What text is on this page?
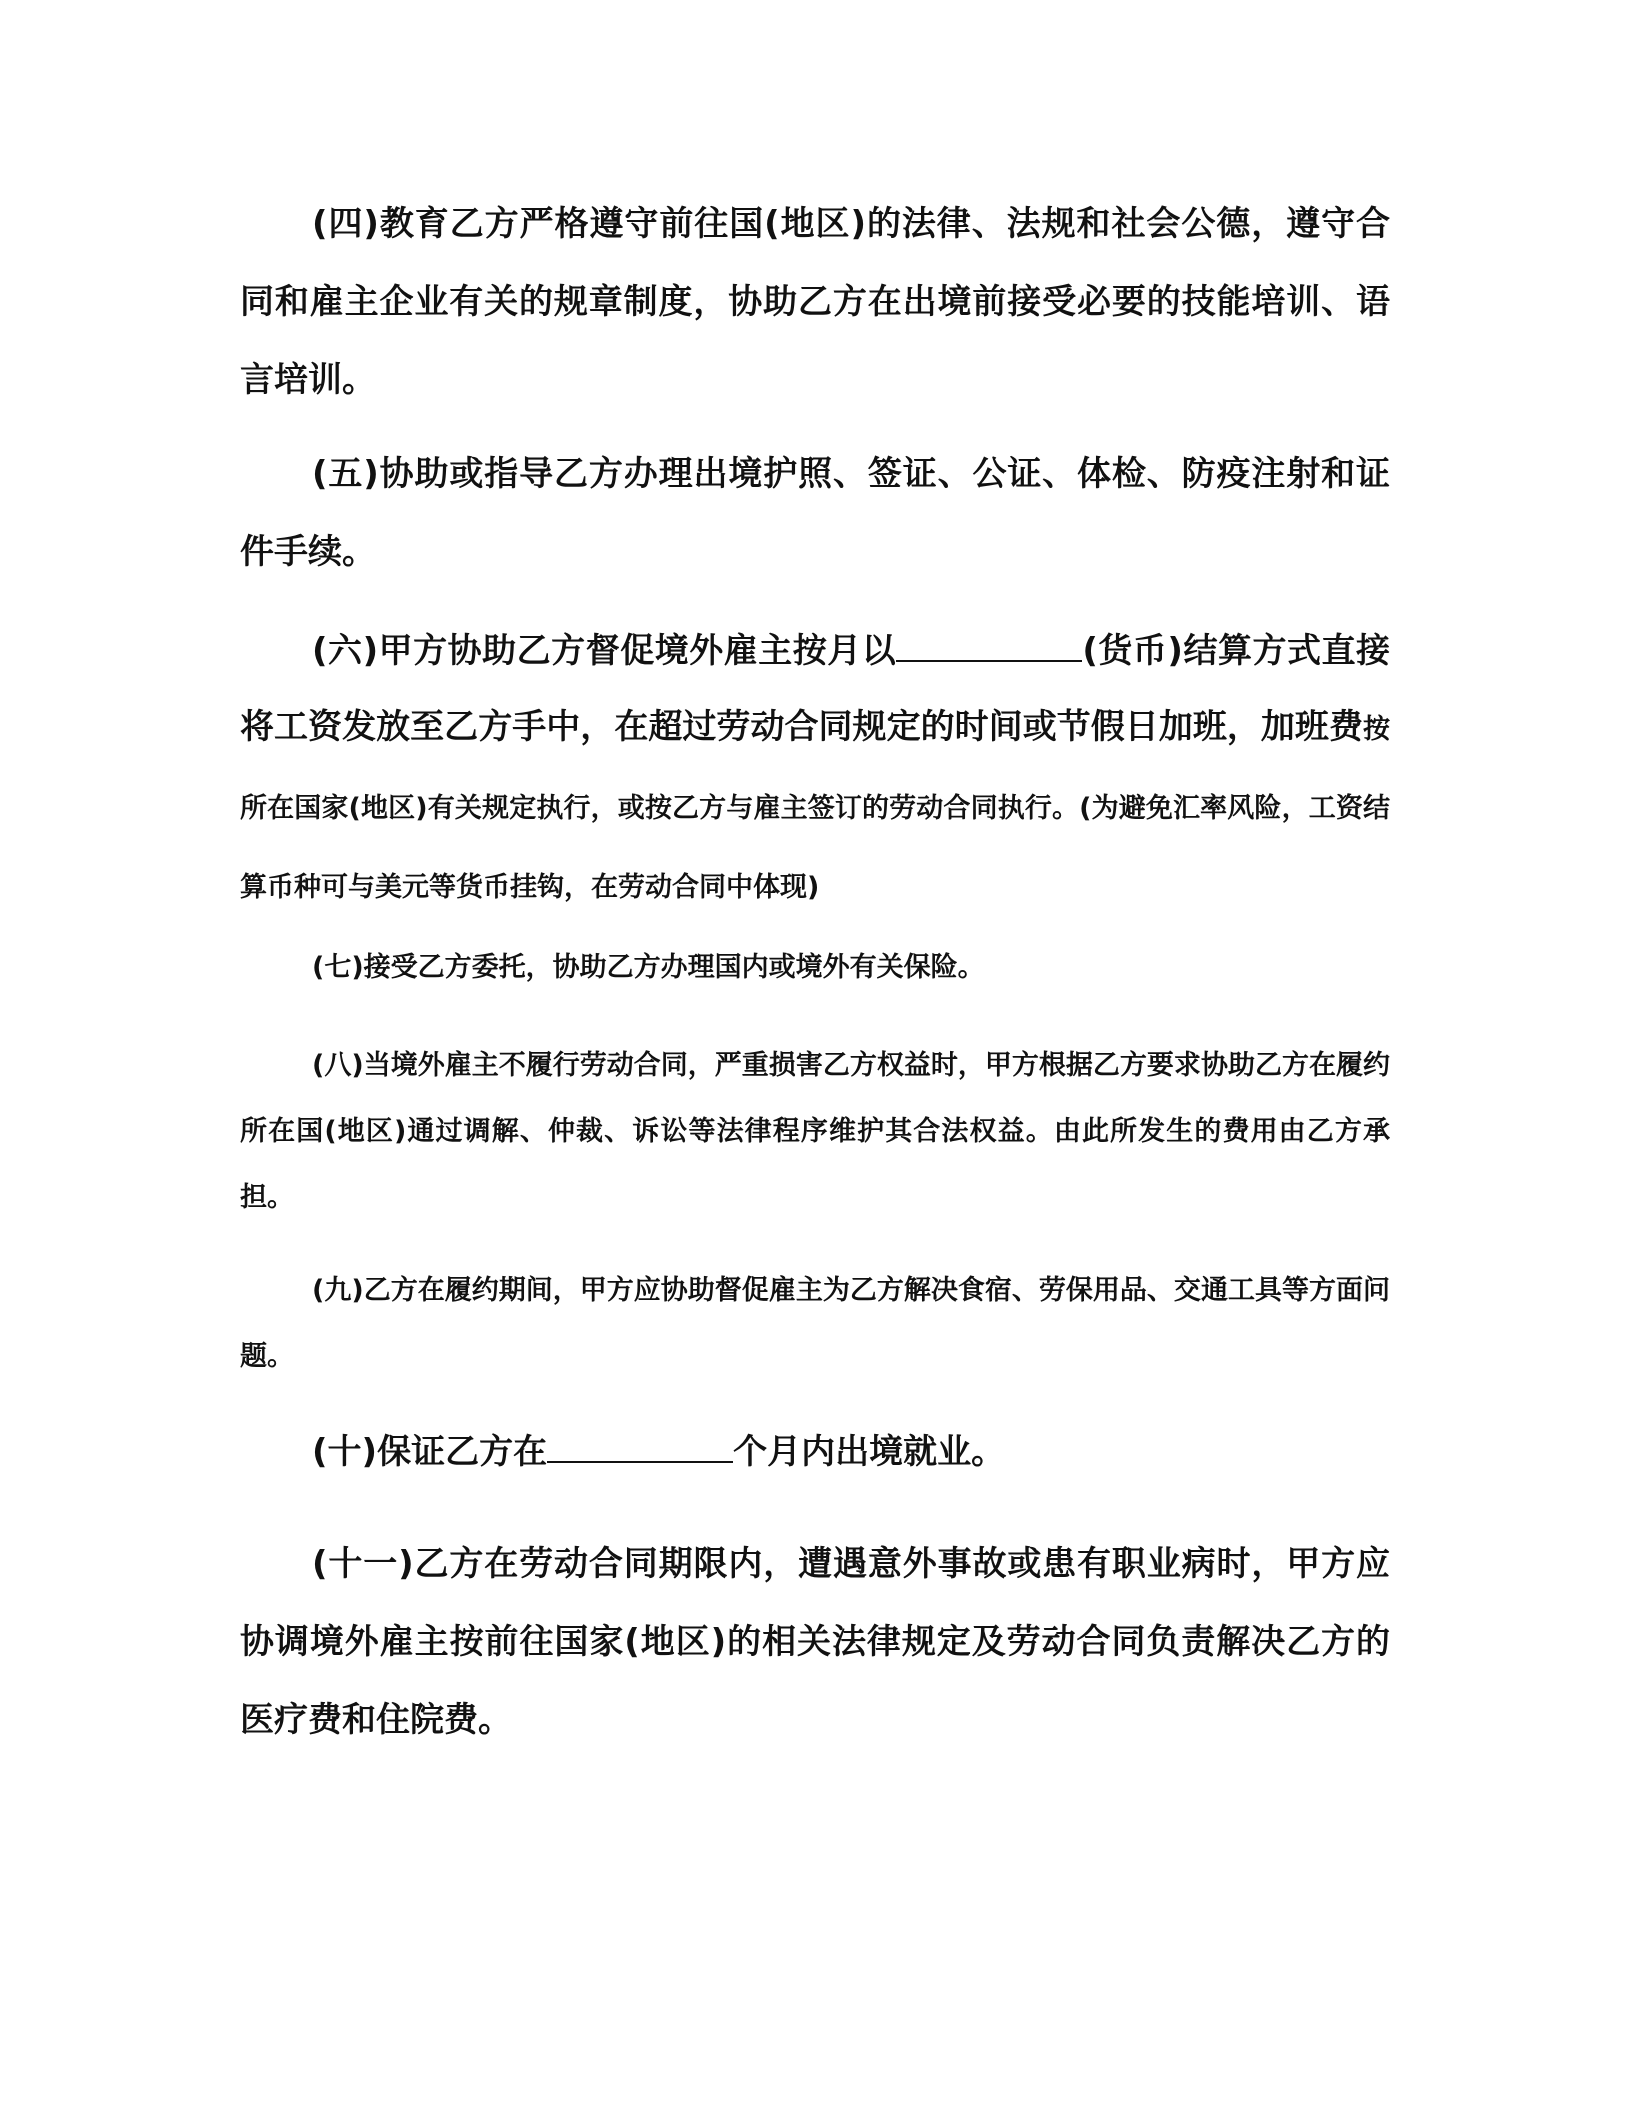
(四)教育乙方严格遵守前往国(地区)的法律、法规和社会公德，遵守合同和雇主企业有关的规章制度，协助乙方在出境前接受必要的技能培训、语言培训。

(五)协助或指导乙方办理出境护照、签证、公证、体检、防疫注射和证件手续。

(六)甲方协助乙方督促境外雇主按月以	(货币)结算方式直接将工资发放至乙方手中，在超过劳动合同规定的时间或节假日加班，加班费按所在国家(地区)有关规定执行，或按乙方与雇主签订的劳动合同执行。(为避免汇率风险，工资结算币种可与美元等货币挂钩，在劳动合同中体现)

(七)接受乙方委托，协助乙方办理国内或境外有关保险。

(八)当境外雇主不履行劳动合同，严重损害乙方权益时，甲方根据乙方要求协助乙方在履约所在国(地区)通过调解、仲裁、诉讼等法律程序维护其合法权益。由此所发生的费用由乙方承担。

(九)乙方在履约期间，甲方应协助督促雇主为乙方解决食宿、劳保用品、交通工具等方面问题。

(十)保证乙方在	个月内出境就业。

(十一)乙方在劳动合同期限内，遭遇意外事故或患有职业病时，甲方应协调境外雇主按前往国家(地区)的相关法律规定及劳动合同负责解决乙方的医疗费和住院费。
